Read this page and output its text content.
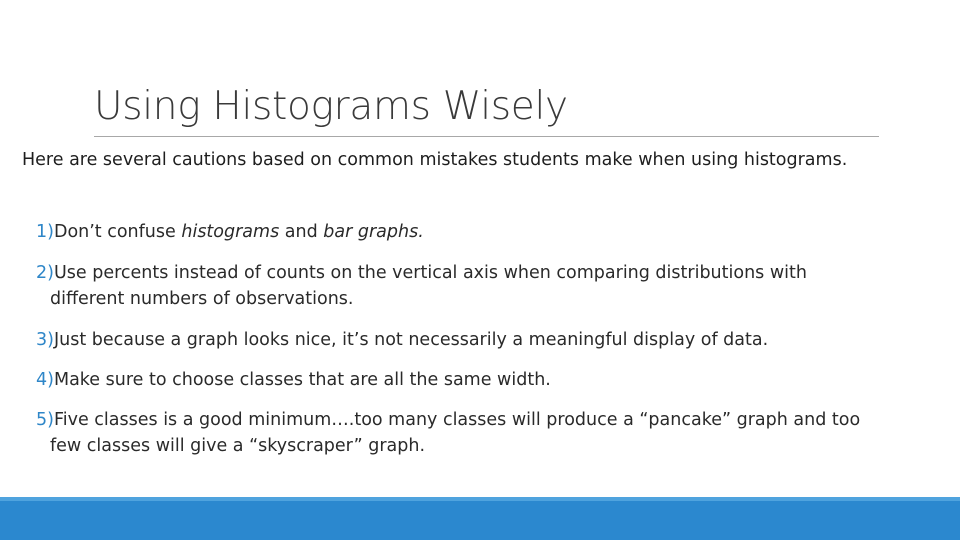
Using Histograms Wisely
Here are several cautions based on common mistakes students make when using histograms.
1)Don’t confuse histograms and bar graphs.
2)Use percents instead of counts on the vertical axis when comparing distributions with
different numbers of observations.
3)Just because a graph looks nice, it’s not necessarily a meaningful display of data.
4)Make sure to choose classes that are all the same width.
5)Five classes is a good minimum….too many classes will produce a “pancake” graph and too
few classes will give a “skyscraper” graph.
